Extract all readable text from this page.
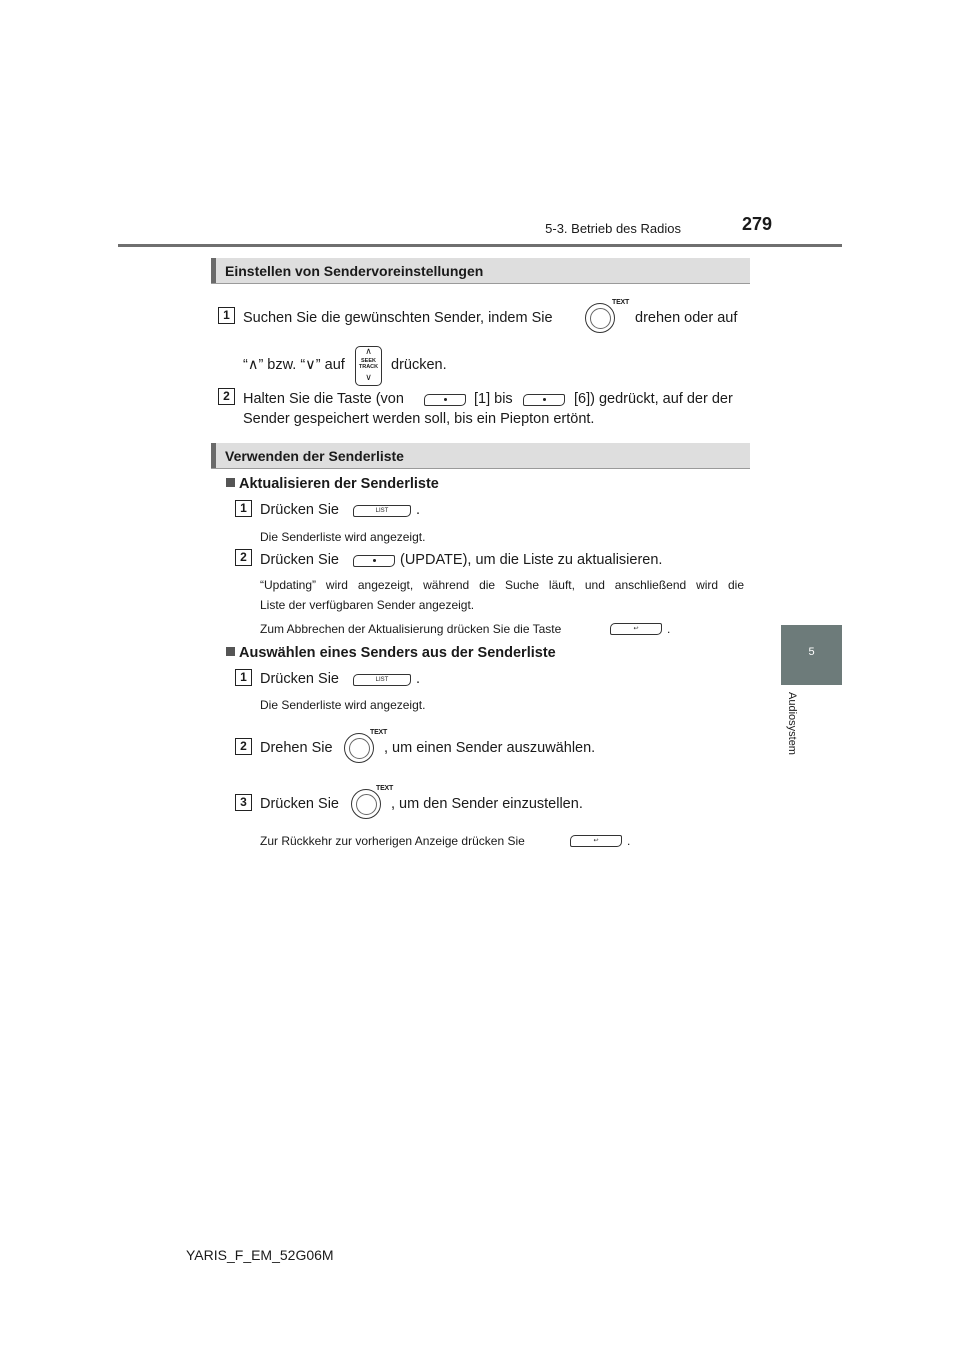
5-3. Betrieb des Radios	279
5
Audiosystem
Einstellen von Sendervoreinstellungen
1 Suchen Sie die gewünschten Sender, indem Sie
TEXT
drehen oder auf
“∧” bzw. “∨” auf
∧
SEEK
TRACK
∨
drücken.
2 Halten Sie die Taste (von	[1] bis	[6]) gedrückt, auf der der
Sender gespeichert werden soll, bis ein Piepton ertönt.
Verwenden der Senderliste
Aktualisieren der Senderliste
1 Drücken Sie	LIST	.
Die Senderliste wird angezeigt.
2 Drücken Sie	(UPDATE), um die Liste zu aktualisieren.
“Updating” wird angezeigt, während die Suche läuft, und anschließend wird die
Liste der verfügbaren Sender angezeigt.
Zum Abbrechen der Aktualisierung drücken Sie die Taste	↩	.
Auswählen eines Senders aus der Senderliste
1 Drücken Sie	LIST	.
Die Senderliste wird angezeigt.
2 Drehen Sie
TEXT
, um einen Sender auszuwählen.
3 Drücken Sie
TEXT
, um den Sender einzustellen.
Zur Rückkehr zur vorherigen Anzeige drücken Sie	↩	.
YARIS_F_EM_52G06M
